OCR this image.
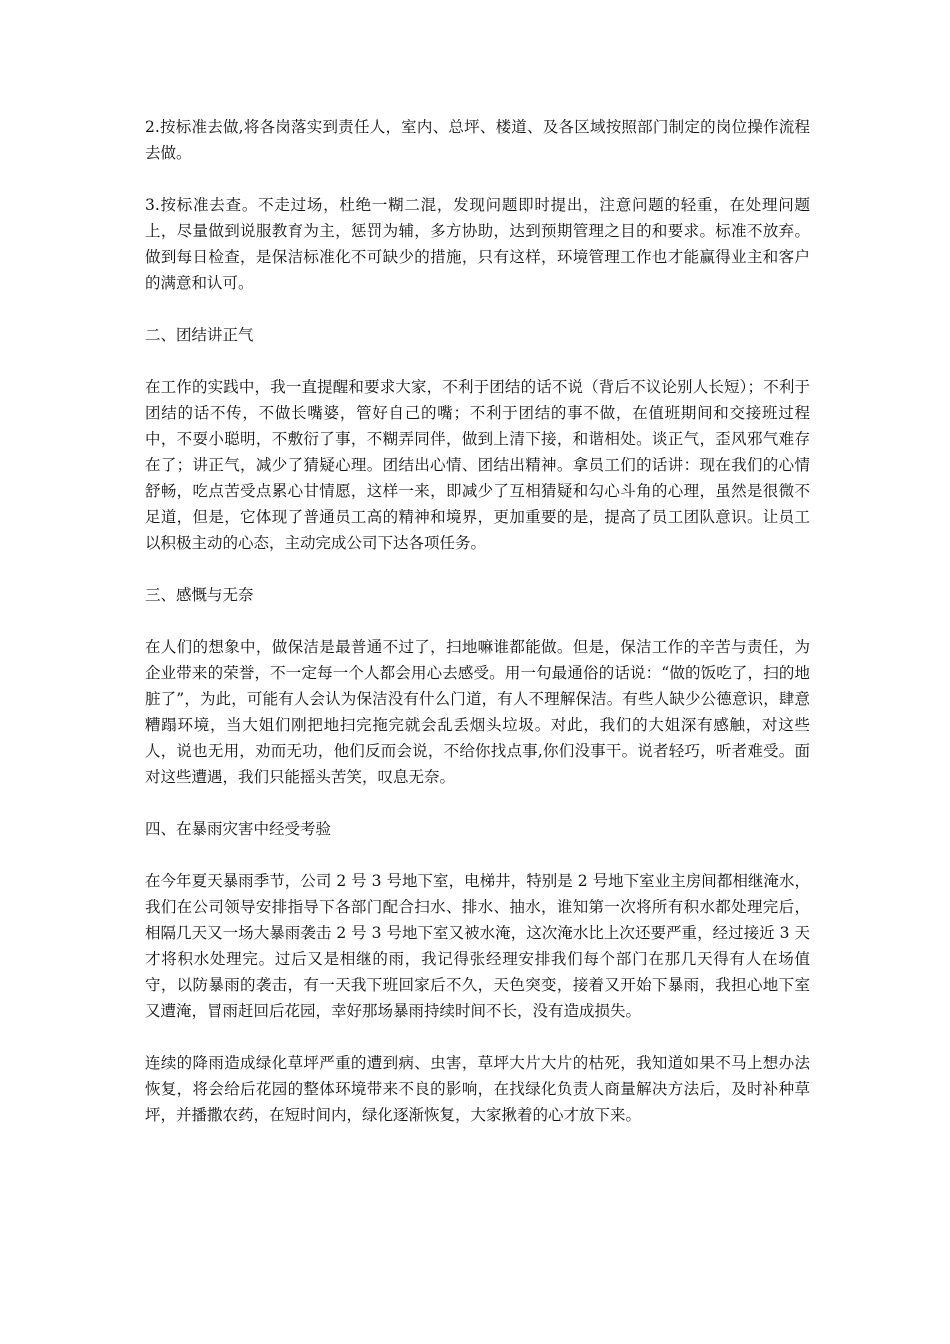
2.按标准去做,将各岗落实到责任人，室内、总坪、楼道、及各区域按照部门制定的岗位操作流程去做。

3.按标准去查。不走过场，杜绝一糊二混，发现问题即时提出，注意问题的轻重，在处理问题上，尽量做到说服教育为主，惩罚为辅，多方协助，达到预期管理之目的和要求。标准不放弃。做到每日检查，是保洁标准化不可缺少的措施，只有这样，环境管理工作也才能赢得业主和客户的满意和认可。

二、团结讲正气

在工作的实践中，我一直提醒和要求大家，不利于团结的话不说（背后不议论别人长短）；不利于团结的话不传，不做长嘴婆，管好自己的嘴；不利于团结的事不做，在值班期间和交接班过程中，不耍小聪明，不敷衍了事，不糊弄同伴，做到上清下接，和谐相处。谈正气，歪风邪气难存在了；讲正气，减少了猜疑心理。团结出心情、团结出精神。拿员工们的话讲：现在我们的心情舒畅，吃点苦受点累心甘情愿，这样一来，即减少了互相猜疑和勾心斗角的心理，虽然是很微不足道，但是，它体现了普通员工高的精神和境界，更加重要的是，提高了员工团队意识。让员工以积极主动的心态，主动完成公司下达各项任务。

三、感慨与无奈

在人们的想象中，做保洁是最普通不过了，扫地嘛谁都能做。但是，保洁工作的辛苦与责任，为企业带来的荣誉，不一定每一个人都会用心去感受。用一句最通俗的话说：“做的饭吃了，扫的地脏了”，为此，可能有人会认为保洁没有什么门道，有人不理解保洁。有些人缺少公德意识，肆意糟蹋环境，当大姐们刚把地扫完拖完就会乱丢烟头垃圾。对此，我们的大姐深有感触，对这些人，说也无用，劝而无功，他们反而会说，不给你找点事,你们没事干。说者轻巧，听者难受。面对这些遭遇，我们只能摇头苦笑，叹息无奈。

四、在暴雨灾害中经受考验

在今年夏天暴雨季节，公司 2 号 3 号地下室，电梯井，特别是 2 号地下室业主房间都相继淹水，我们在公司领导安排指导下各部门配合扫水、排水、抽水，谁知第一次将所有积水都处理完后，相隔几天又一场大暴雨袭击 2 号 3 号地下室又被水淹，这次淹水比上次还要严重，经过接近 3 天才将积水处理完。过后又是相继的雨，我记得张经理安排我们每个部门在那几天得有人在场值守，以防暴雨的袭击，有一天我下班回家后不久，天色突变，接着又开始下暴雨，我担心地下室又遭淹，冒雨赶回后花园，幸好那场暴雨持续时间不长，没有造成损失。

连续的降雨造成绿化草坪严重的遭到病、虫害，草坪大片大片的枯死，我知道如果不马上想办法恢复，将会给后花园的整体环境带来不良的影响，在找绿化负责人商量解决方法后，及时补种草坪，并播撒农药，在短时间内，绿化逐渐恢复，大家揪着的心才放下来。
